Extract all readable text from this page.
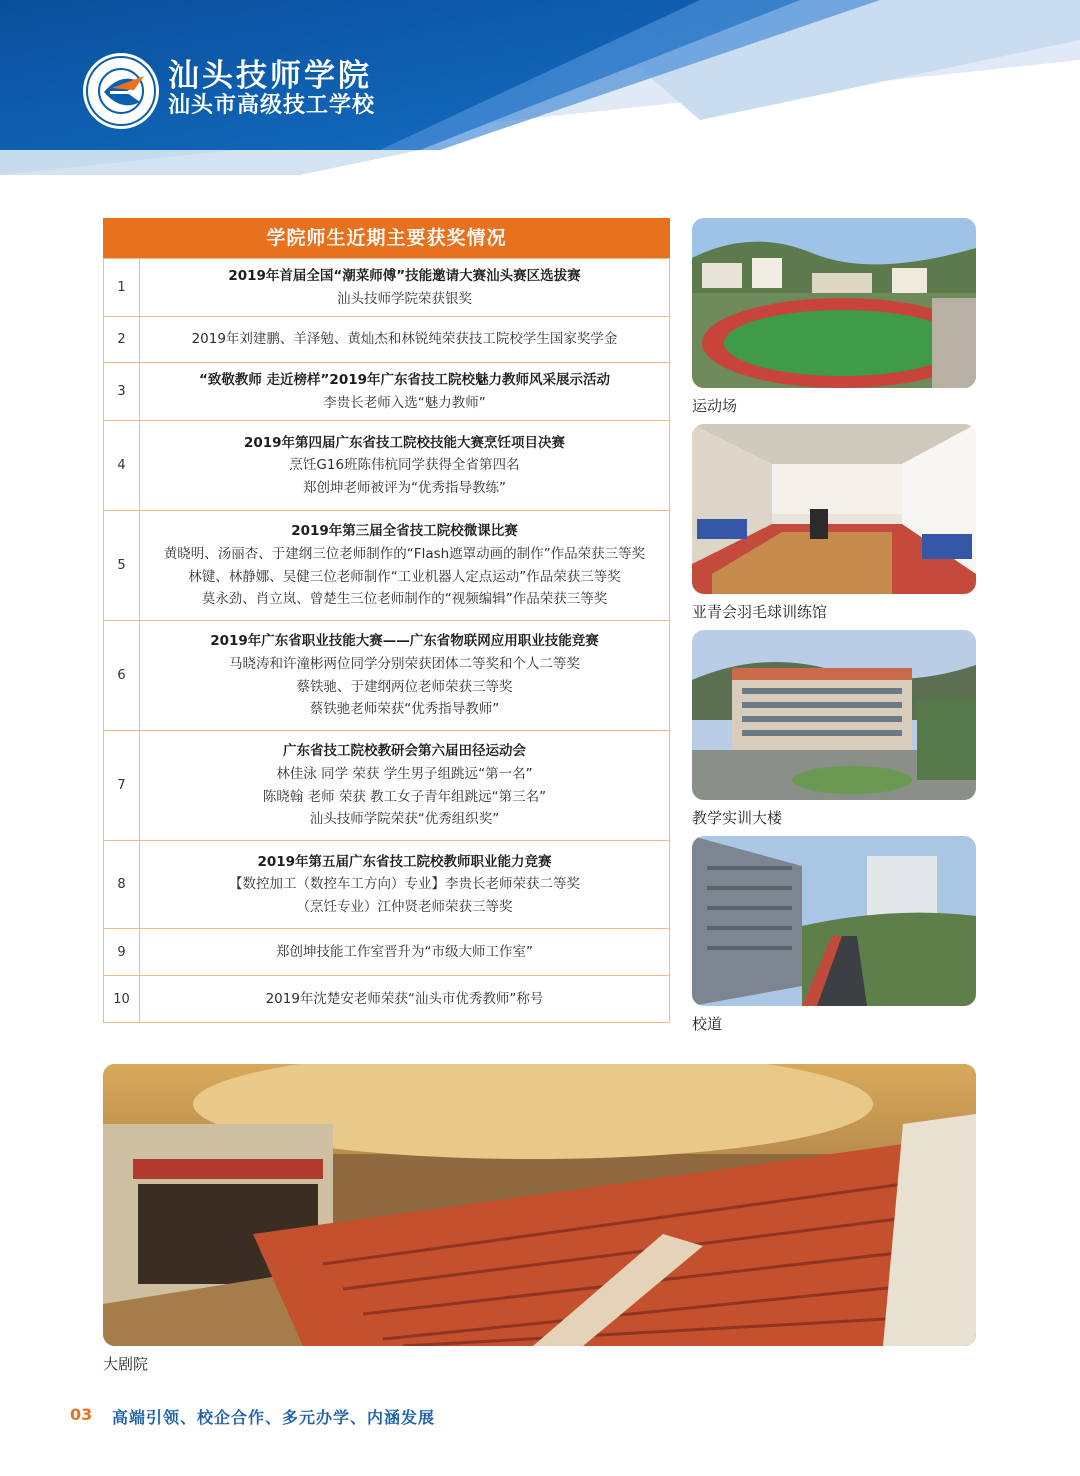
汕头技师学院
汕头市高级技工学校
学院师生近期主要获奖情况
1	2019年首届全国“潮菜师傅”技能邀请大赛汕头赛区选拔赛
汕头技师学院荣获银奖

2	2019年刘建鹏、羊泽勉、黄灿杰和林锐纯荣获技工院校学生国家奖学金

3	“致敬教师 走近榜样”2019年广东省技工院校魅力教师风采展示活动
李贵长老师入选“魅力教师”

4	2019年第四届广东省技工院校技能大赛烹饪项目决赛
烹饪G16班陈伟杭同学获得全省第四名
郑创坤老师被评为“优秀指导教练”

5	2019年第三届全省技工院校微课比赛
黄晓明、汤丽杏、于建纲三位老师制作的“Flash遮罩动画的制作”作品荣获三等奖
林键、林静娜、吴健三位老师制作“工业机器人定点运动”作品荣获三等奖
莫永劲、肖立岚、曾楚生三位老师制作的“视频编辑”作品荣获三等奖

6	2019年广东省职业技能大赛——广东省物联网应用职业技能竞赛
马晓涛和许潼彬两位同学分别荣获团体二等奖和个人二等奖
蔡铁驰、于建纲两位老师荣获三等奖
蔡铁驰老师荣获“优秀指导教师”

7	广东省技工院校教研会第六届田径运动会
林佳泳 同学 荣获 学生男子组跳远“第一名”
陈晓翰 老师 荣获 教工女子青年组跳远“第三名”
汕头技师学院荣获“优秀组织奖”

8	2019年第五届广东省技工院校教师职业能力竞赛
【数控加工（数控车工方向）专业】李贵长老师荣获二等奖
（烹饪专业）江仲贤老师荣获三等奖

9	郑创坤技能工作室晋升为“市级大师工作室”

10	2019年沈楚安老师荣获“汕头市优秀教师”称号
运动场
亚青会羽毛球训练馆
教学实训大楼
校道
大剧院
03 高端引领、校企合作、多元办学、内涵发展
